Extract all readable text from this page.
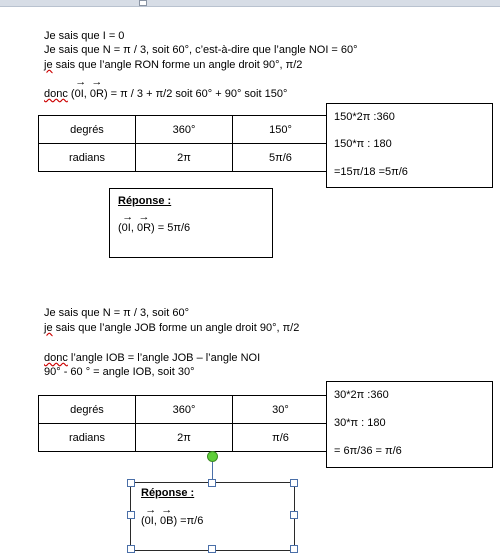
Je sais que I = 0
Je sais que N = π / 3, soit 60°, c’est-à-dire que l’angle NOI = 60°
je sais que l’angle RON forme un angle droit 90°, π/2
donc (→ 0I, → 0R) = π / 3 + π/2 soit 60° + 90° soit 150°
degrés	360°	150°
radians	2π	5π/6
150*2π :360
150*π : 180
=15π/18 =5π/6
Réponse :
(→ 0I, → 0R) = 5π/6
Je sais que N = π / 3, soit 60°
je sais que l’angle JOB forme un angle droit 90°, π/2
donc l’angle IOB = l’angle JOB – l’angle NOI
90° - 60 ° = angle IOB, soit 30°
degrés	360°	30°
radians	2π	π/6
30*2π :360
30*π : 180
= 6π/36 = π/6
Réponse :
(→ 0I, → 0B) =π/6
